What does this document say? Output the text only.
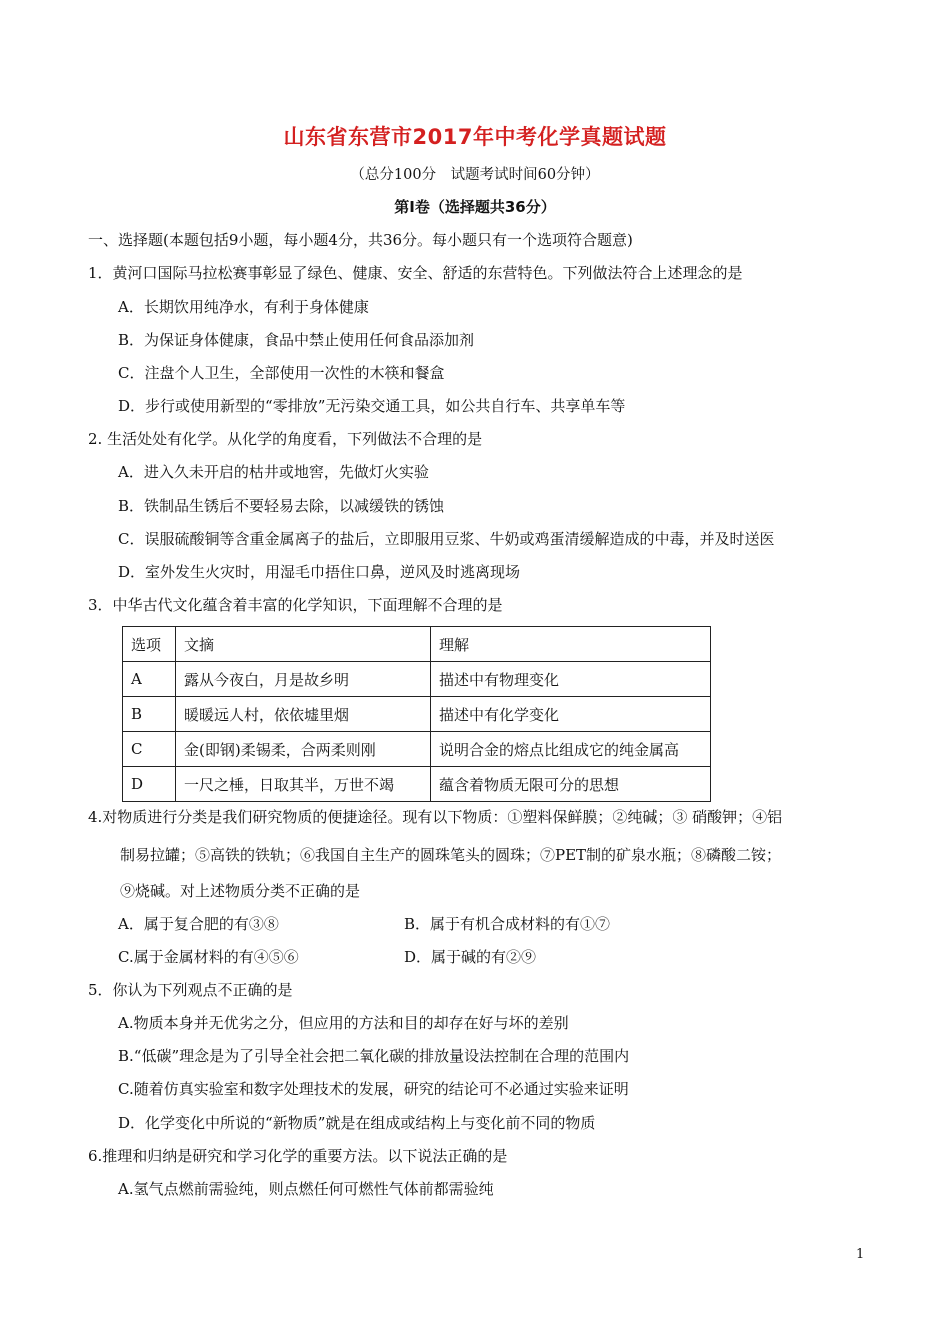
山东省东营市2017年中考化学真题试题
（总分100分　试题考试时间60分钟）
第Ⅰ卷（选择题共36分）
一、选择题(本题包括9小题，每小题4分，共36分。每小题只有一个选项符合题意)
1．黄河口国际马拉松赛事彰显了绿色、健康、安全、舒适的东营特色。下列做法符合上述理念的是
A．长期饮用纯净水，有利于身体健康
B．为保证身体健康，食品中禁止使用任何食品添加剂
C．注盘个人卫生，全部使用一次性的木筷和餐盒
D．步行或使用新型的“零排放”无污染交通工具，如公共自行车、共享单车等
2. 生活处处有化学。从化学的角度看，下列做法不合理的是
A．进入久未开启的枯井或地窖，先做灯火实验
B．铁制品生锈后不要轻易去除，以减缓铁的锈蚀
C．误服硫酸铜等含重金属离子的盐后，立即服用豆浆、牛奶或鸡蛋清缓解造成的中毒，并及时送医
D．室外发生火灾时，用湿毛巾捂住口鼻，逆风及时逃离现场
3．中华古代文化蕴含着丰富的化学知识，下面理解不合理的是
选项	文摘	理解
A	露从今夜白，月是故乡明	描述中有物理变化
B	暖暖远人村，依依墟里烟	描述中有化学变化
C	金(即钢)柔锡柔，合两柔则刚	说明合金的熔点比组成它的纯金属高
D	一尺之棰，日取其半，万世不竭	蕴含着物质无限可分的思想
4.对物质进行分类是我们研究物质的便捷途径。现有以下物质：①塑料保鲜膜；②纯碱；③ 硝酸钾；④铝
制易拉罐；⑤高铁的铁轨；⑥我国自主生产的圆珠笔头的圆珠；⑦PET制的矿泉水瓶；⑧磷酸二铵；
⑨烧碱。对上述物质分类不正确的是
A．属于复合肥的有③⑧	B．属于有机合成材料的有①⑦
C.属于金属材料的有④⑤⑥	D．属于碱的有②⑨
5．你认为下列观点不正确的是
A.物质本身并无优劣之分，但应用的方法和目的却存在好与坏的差别
B.“低碳”理念是为了引导全社会把二氧化碳的排放量设法控制在合理的范围内
C.随着仿真实验室和数字处理技术的发展，研究的结论可不必通过实验来证明
D．化学变化中所说的“新物质”就是在组成或结构上与变化前不同的物质
6.推理和归纳是研究和学习化学的重要方法。以下说法正确的是
A.氢气点燃前需验纯，则点燃任何可燃性气体前都需验纯
1
